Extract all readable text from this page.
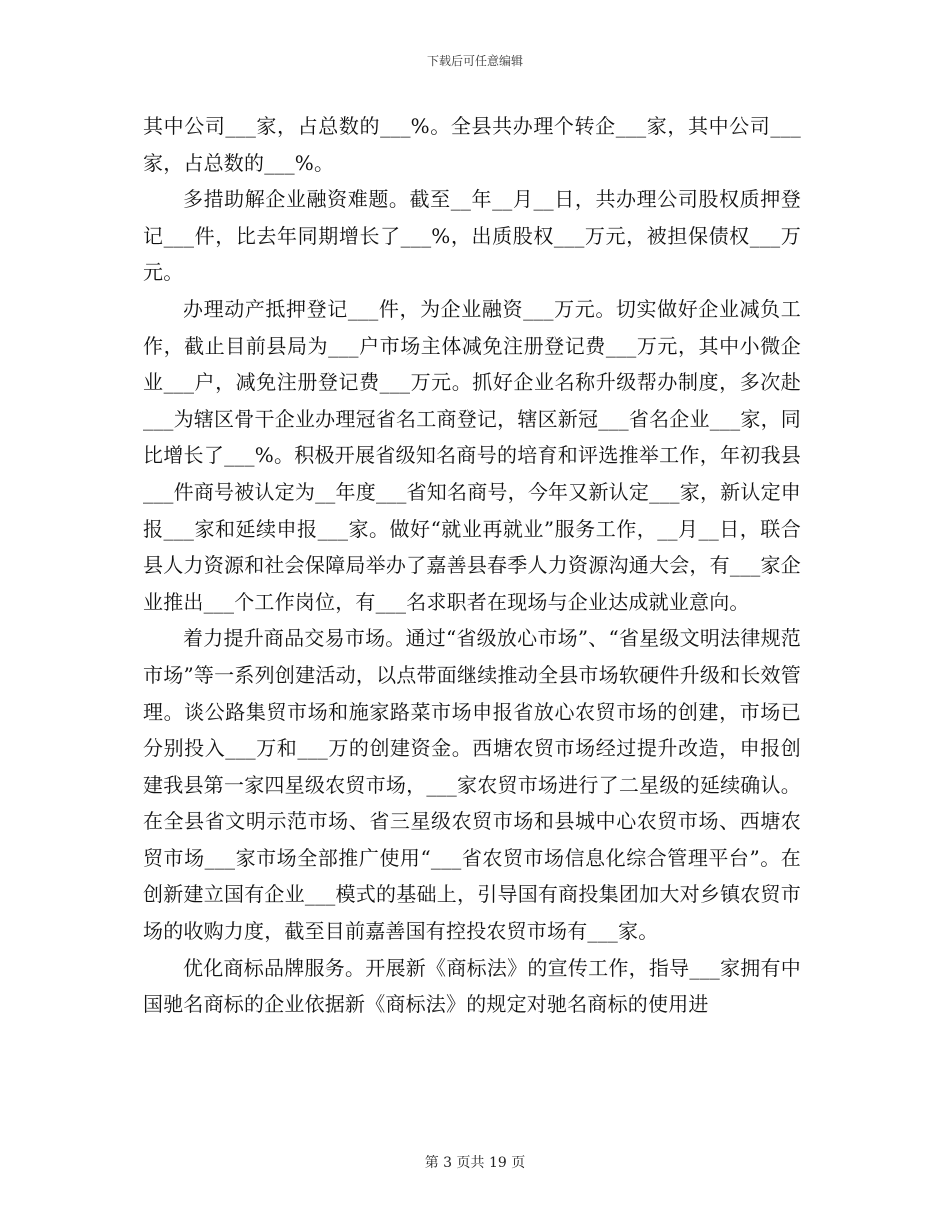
下载后可任意编辑

其中公司___家，占总数的___%。全县共办理个转企___家，其中公司___家，占总数的___%。

多措助解企业融资难题。截至__年__月__日，共办理公司股权质押登记___件，比去年同期增长了___%，出质股权___万元，被担保债权___万元。

办理动产抵押登记___件，为企业融资___万元。切实做好企业减负工作，截止目前县局为___户市场主体减免注册登记费___万元，其中小微企业___户，减免注册登记费___万元。抓好企业名称升级帮办制度，多次赴___为辖区骨干企业办理冠省名工商登记，辖区新冠___省名企业___家，同比增长了___%。积极开展省级知名商号的培育和评选推举工作，年初我县___件商号被认定为__年度___省知名商号，今年又新认定___家，新认定申报___家和延续申报___家。做好“就业再就业”服务工作，__月__日，联合县人力资源和社会保障局举办了嘉善县春季人力资源沟通大会，有___家企业推出___个工作岗位，有___名求职者在现场与企业达成就业意向。

着力提升商品交易市场。通过“省级放心市场”、“省星级文明法律规范市场”等一系列创建活动，以点带面继续推动全县市场软硬件升级和长效管理。谈公路集贸市场和施家路菜市场申报省放心农贸市场的创建，市场已分别投入___万和___万的创建资金。西塘农贸市场经过提升改造，申报创建我县第一家四星级农贸市场，___家农贸市场进行了二星级的延续确认。在全县省文明示范市场、省三星级农贸市场和县城中心农贸市场、西塘农贸市场___家市场全部推广使用“___省农贸市场信息化综合管理平台”。在创新建立国有企业___模式的基础上，引导国有商投集团加大对乡镇农贸市场的收购力度，截至目前嘉善国有控投农贸市场有___家。

优化商标品牌服务。开展新《商标法》的宣传工作，指导___家拥有中国驰名商标的企业依据新《商标法》的规定对驰名商标的使用进

第 3 页共 19 页
